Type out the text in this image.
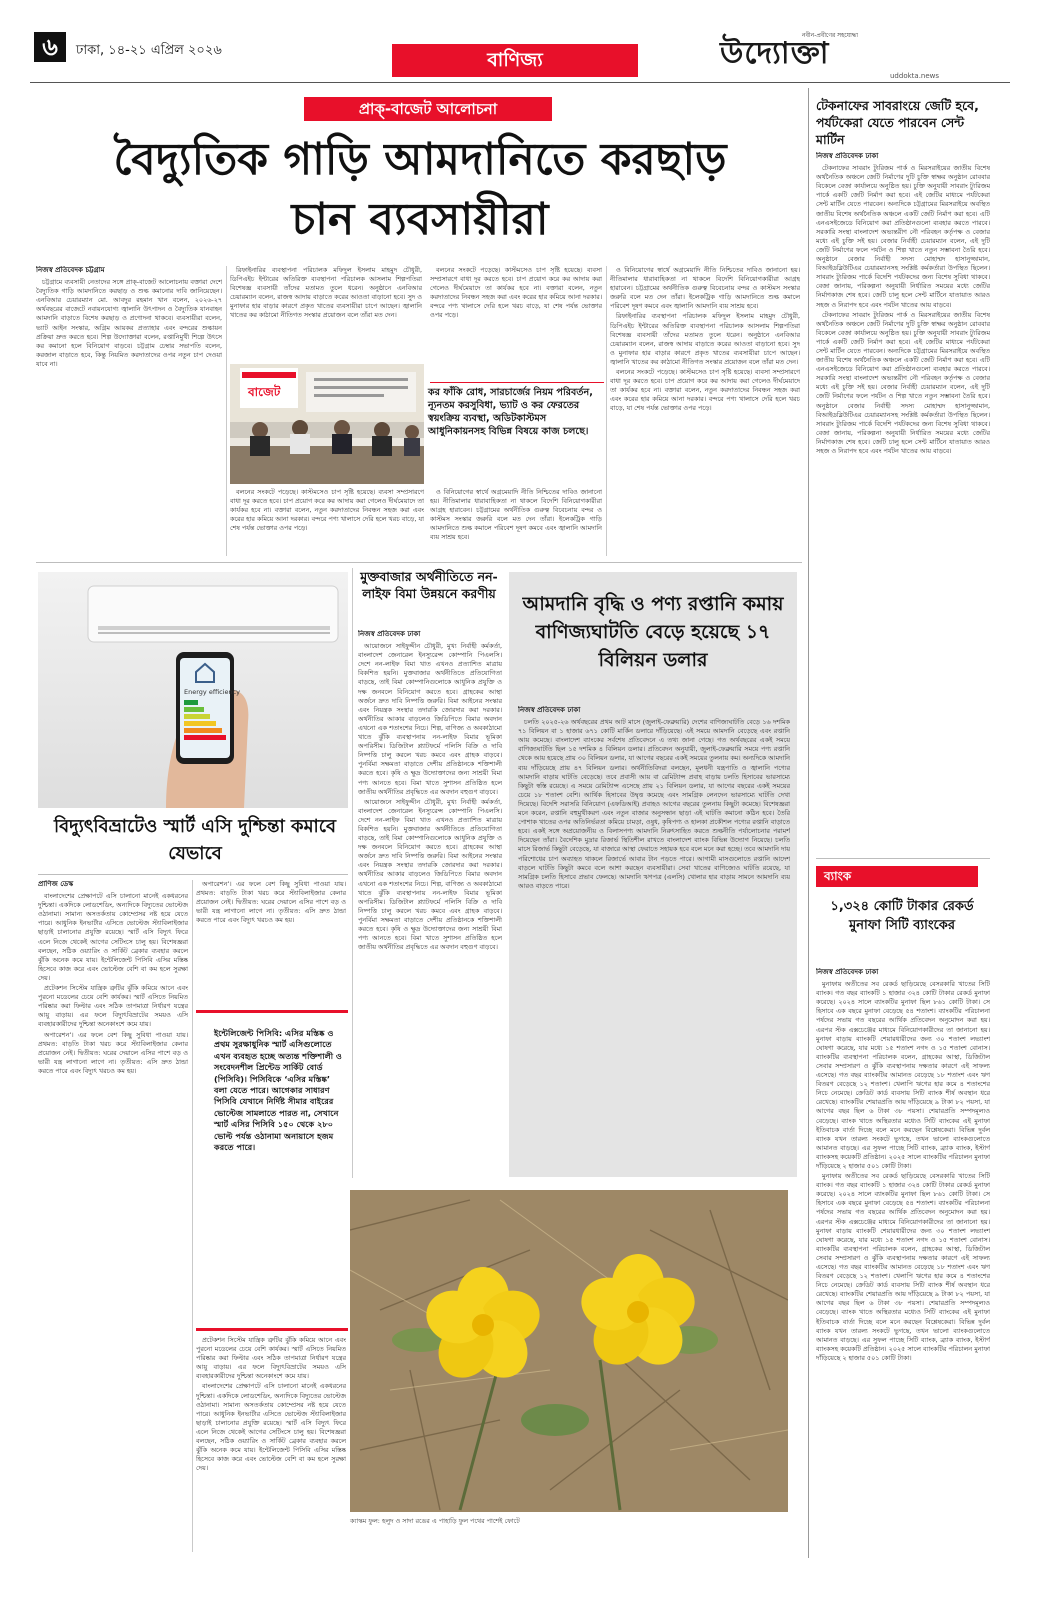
৬	ঢাকা, ১৪-২১ এপ্রিল ২০২৬	বাণিজ্য
নবীন-প্রবীণের সহযোদ্ধা
উদ্যোক্তা
uddokta.news
প্রাক্-বাজেট আলোচনা
বৈদ্যুতিক গাড়ি আমদানিতে করছাড়
চান ব্যবসায়ীরা
নিজস্ব প্রতিবেদক চট্টগ্রাম

চট্টগ্রামে ব্যবসায়ী নেতাদের সঙ্গে প্রাক্-বাজেট আলোচনায় বক্তারা দেশে বৈদ্যুতিক গাড়ি আমদানিতে করছাড় ও শুল্ক কমানোর দাবি জানিয়েছেন। এনবিআর চেয়ারম্যান মো. আবদুর রহমান খান বলেন, ২০২৬-২৭ অর্থবছরের বাজেটে নবায়নযোগ্য জ্বালানি উৎপাদন ও বৈদ্যুতিক যানবাহন আমদানি বাড়াতে বিশেষ করছাড় ও প্রণোদনা থাকবে। ব্যবসায়ীরা বলেন, ভ্যাট আইন সংস্কার, অগ্রিম আয়কর প্রত্যাহার এবং বন্দরের শুল্কায়ন প্রক্রিয়া দ্রুত করতে হবে। শিল্প উদ্যোক্তারা বলেন, রপ্তানিমুখী শিল্পে উৎসে কর কমানো হলে বিনিয়োগ বাড়বে। চট্টগ্রাম চেম্বার সভাপতি বলেন, করজাল বাড়াতে হবে, কিন্তু নিয়মিত করদাতাদের ওপর নতুন চাপ দেওয়া যাবে না।

রিফাইনারির ব্যবস্থাপনা পরিচালক মফিদুল ইসলাম মাহমুদ চৌধুরী, ডিপিএইচ ইন্টারের অতিরিক্ত ব্যবস্থাপনা পরিচালক আসলাম শিল্পপতিরা বিশেষজ্ঞ ব্যবসায়ী তাঁদের মতামত তুলে ধরেন। অনুষ্ঠানে এনবিআর চেয়ারম্যান বলেন, রাজস্ব আদায় বাড়াতে করের আওতা বাড়ানো হবে। সুদ ও মুনাফার হার বাড়ার কারণে প্রকৃত খাতের ব্যবসায়ীরা চাপে আছেন। জ্বালানি খাতের কর কাঠামো নীতিগত সংস্কার প্রয়োজন বলে তাঁরা মত দেন।

বলনের সংকটে পড়েছে। কাস্টমসেও চাপ সৃষ্টি হয়েছে। ব্যবসা সম্প্রসারণে বাধা দূর করতে হবে। চাপ প্রয়োগ করে কর আদায় করা গেলেও দীর্ঘমেয়াদে তা কার্যকর হবে না। বক্তারা বলেন, নতুন করদাতাদের নিবন্ধন সহজ করা এবং করের হার কমিয়ে আনা দরকার। বন্দরে পণ্য খালাসে দেরি হলে খরচ বাড়ে, যা শেষ পর্যন্ত ভোক্তার ওপর পড়ে।

ও বিনিয়োগের স্বার্থে অগ্রমেয়াদি নীতি নিশ্চিতের দাবিও জানানো হয়। নীতিমালার ধারাবাহিকতা না থাকলে বিদেশি বিনিয়োগকারীরা আগ্রহ হারাবেন। চট্টগ্রামের অর্থনীতিক গুরুত্ব বিবেচনায় বন্দর ও কাস্টমস সংস্কার জরুরি বলে মত দেন তাঁরা। ইলেকট্রিক গাড়ি আমদানিতে শুল্ক কমালে পরিবেশ দূষণ কমবে এবং জ্বালানি আমদানি ব্যয় সাশ্রয় হবে।

রিফাইনারির ব্যবস্থাপনা পরিচালক মফিদুল ইসলাম মাহমুদ চৌধুরী, ডিপিএইচ ইন্টারের অতিরিক্ত ব্যবস্থাপনা পরিচালক আসলাম শিল্পপতিরা বিশেষজ্ঞ ব্যবসায়ী তাঁদের মতামত তুলে ধরেন। অনুষ্ঠানে এনবিআর চেয়ারম্যান বলেন, রাজস্ব আদায় বাড়াতে করের আওতা বাড়ানো হবে। সুদ ও মুনাফার হার বাড়ার কারণে প্রকৃত খাতের ব্যবসায়ীরা চাপে আছেন। জ্বালানি খাতের কর কাঠামো নীতিগত সংস্কার প্রয়োজন বলে তাঁরা মত দেন।

বলনের সংকটে পড়েছে। কাস্টমসেও চাপ সৃষ্টি হয়েছে। ব্যবসা সম্প্রসারণে বাধা দূর করতে হবে। চাপ প্রয়োগ করে কর আদায় করা গেলেও দীর্ঘমেয়াদে তা কার্যকর হবে না। বক্তারা বলেন, নতুন করদাতাদের নিবন্ধন সহজ করা এবং করের হার কমিয়ে আনা দরকার। বন্দরে পণ্য খালাসে দেরি হলে খরচ বাড়ে, যা শেষ পর্যন্ত ভোক্তার ওপর পড়ে।

বাজেট	কর ফাঁকি রোধ, সারচার্জের নিয়ম পরিবর্তন, ন্যূনতম করসুবিধা, ভ্যাট ও কর ফেরতের স্বয়ংক্রিয় ব্যবস্থা, অডিটকাস্টমস আধুনিকায়নসহ বিভিন্ন বিষয়ে কাজ চলছে।

বলনের সংকটে পড়েছে। কাস্টমসেও চাপ সৃষ্টি হয়েছে। ব্যবসা সম্প্রসারণে বাধা দূর করতে হবে। চাপ প্রয়োগ করে কর আদায় করা গেলেও দীর্ঘমেয়াদে তা কার্যকর হবে না। বক্তারা বলেন, নতুন করদাতাদের নিবন্ধন সহজ করা এবং করের হার কমিয়ে আনা দরকার। বন্দরে পণ্য খালাসে দেরি হলে খরচ বাড়ে, যা শেষ পর্যন্ত ভোক্তার ওপর পড়ে।

ও বিনিয়োগের স্বার্থে অগ্রমেয়াদি নীতি নিশ্চিতের দাবিও জানানো হয়। নীতিমালার ধারাবাহিকতা না থাকলে বিদেশি বিনিয়োগকারীরা আগ্রহ হারাবেন। চট্টগ্রামের অর্থনীতিক গুরুত্ব বিবেচনায় বন্দর ও কাস্টমস সংস্কার জরুরি বলে মত দেন তাঁরা। ইলেকট্রিক গাড়ি আমদানিতে শুল্ক কমালে পরিবেশ দূষণ কমবে এবং জ্বালানি আমদানি ব্যয় সাশ্রয় হবে।

Energy efficiency
বিদ্যুৎবিভ্রাটেও স্মার্ট এসি দুশ্চিন্তা কমাবে যেভাবে
প্রাণিজ ডেস্ক

বাংলাদেশের প্রেক্ষাপটে এসি চালানো মানেই একধরনের দুশ্চিন্তা। একদিকে লোডশেডিং, অন্যদিকে বিদ্যুতের ভোল্টেজ ওঠানামা। সামান্য অসতর্কতায় কোম্প্রেসর নষ্ট হয়ে যেতে পারে। আধুনিক ইনভার্টার এসিতে ভোল্টেজ স্ট্যাবিলাইজার ছাড়াই চালানোর প্রযুক্তি রয়েছে। স্মার্ট এসি বিদ্যুৎ ফিরে এলে নিজে থেকেই আগের সেটিংসে চালু হয়। বিশেষজ্ঞরা বলছেন, সঠিক ওয়্যারিং ও সার্কিট ব্রেকার ব্যবহার করলে ঝুঁকি অনেক কমে যায়। ইন্টেলিজেন্ট পিসিবি এসির মস্তিষ্ক হিসেবে কাজ করে এবং ভোল্টেজ বেশি বা কম হলে সুরক্ষা দেয়।

প্রটেকশন সিস্টেম যান্ত্রিক ত্রুটির ঝুঁকি কমিয়ে আনে এবং পুরনো মডেলের চেয়ে বেশি কার্যকর। স্মার্ট এসিতে নিয়মিত পরিষ্কার করা ফিল্টার এবং সঠিক তাপমাত্রা নির্ধারণ যন্ত্রের আয়ু বাড়ায়। এর ফলে বিদ্যুৎবিভ্রাটের সময়ও এসি ব্যবহারকারীদের দুশ্চিন্তা অনেকাংশে কমে যায়।

অপারেশন’। এর ফলে বেশ কিছু সুবিধা পাওয়া যায়। প্রথমত: বাড়তি টাকা খরচ করে স্ট্যাবিলাইজার কেনার প্রয়োজন নেই। দ্বিতীয়ত: ঘরের দেয়ালে এসির পাশে বড় ও ভারী যন্ত্র লাগানো লাগে না। তৃতীয়ত: এসি দ্রুত ঠান্ডা করতে পারে এবং বিদ্যুৎ খরচও কম হয়।

অপারেশন’। এর ফলে বেশ কিছু সুবিধা পাওয়া যায়। প্রথমত: বাড়তি টাকা খরচ করে স্ট্যাবিলাইজার কেনার প্রয়োজন নেই। দ্বিতীয়ত: ঘরের দেয়ালে এসির পাশে বড় ও ভারী যন্ত্র লাগানো লাগে না। তৃতীয়ত: এসি দ্রুত ঠান্ডা করতে পারে এবং বিদ্যুৎ খরচও কম হয়।

ইন্টেলিজেন্ট পিসিবি: এসির মস্তিষ্ক ও প্রথম সুরক্ষাধুনিক স্মার্ট এসিগুলোতে এখন ব্যবহৃত হচ্ছে অত্যন্ত শক্তিশালী ও সংবেদনশীল প্রিন্টেড সার্কিট বোর্ড (পিসিবি)। পিসিবিকে ‘এসির মস্তিষ্ক’ বলা যেতে পারে। আগেকার সাধারণ পিসিবি যেখানে নির্দিষ্ট সীমার বাইরের ভোল্টেজ সামলাতে পারত না, সেখানে স্মার্ট এসির পিসিবি ১৫০ থেকে ২৮০ ভোল্ট পর্যন্ত ওঠানামা অনায়াসে হজম করতে পারে।

প্রটেকশন সিস্টেম যান্ত্রিক ত্রুটির ঝুঁকি কমিয়ে আনে এবং পুরনো মডেলের চেয়ে বেশি কার্যকর। স্মার্ট এসিতে নিয়মিত পরিষ্কার করা ফিল্টার এবং সঠিক তাপমাত্রা নির্ধারণ যন্ত্রের আয়ু বাড়ায়। এর ফলে বিদ্যুৎবিভ্রাটের সময়ও এসি ব্যবহারকারীদের দুশ্চিন্তা অনেকাংশে কমে যায়।

বাংলাদেশের প্রেক্ষাপটে এসি চালানো মানেই একধরনের দুশ্চিন্তা। একদিকে লোডশেডিং, অন্যদিকে বিদ্যুতের ভোল্টেজ ওঠানামা। সামান্য অসতর্কতায় কোম্প্রেসর নষ্ট হয়ে যেতে পারে। আধুনিক ইনভার্টার এসিতে ভোল্টেজ স্ট্যাবিলাইজার ছাড়াই চালানোর প্রযুক্তি রয়েছে। স্মার্ট এসি বিদ্যুৎ ফিরে এলে নিজে থেকেই আগের সেটিংসে চালু হয়। বিশেষজ্ঞরা বলছেন, সঠিক ওয়্যারিং ও সার্কিট ব্রেকার ব্যবহার করলে ঝুঁকি অনেক কমে যায়। ইন্টেলিজেন্ট পিসিবি এসির মস্তিষ্ক হিসেবে কাজ করে এবং ভোল্টেজ বেশি বা কম হলে সুরক্ষা দেয়।

মুক্তবাজার অর্থনীতিতে নন-লাইফ বিমা উন্নয়নে করণীয়
নিজস্ব প্রতিবেদক ঢাকা

আয়োজনে সাইফুদ্দীন চৌধুরী, মুখ্য নির্বাহী কর্মকর্তা, বাংলাদেশ জেনারেল ইনস্যুরেন্স কোম্পানি পিএলসি। দেশে নন-লাইফ বিমা খাত এখনও প্রত্যাশিত মাত্রায় বিকশিত হয়নি। মুক্তবাজার অর্থনীতিতে প্রতিযোগিতা বাড়ছে, তাই বিমা কোম্পানিগুলোকে আধুনিক প্রযুক্তি ও দক্ষ জনবলে বিনিয়োগ করতে হবে। গ্রাহকের আস্থা অর্জনে দ্রুত দাবি নিষ্পত্তি জরুরি। বিমা আইনের সংস্কার এবং নিয়ন্ত্রক সংস্থার তদারকি জোরদার করা দরকার। অর্থনীতির আকার বাড়লেও জিডিপিতে বিমার অবদান এখনো এক শতাংশের নিচে। শিল্প, বাণিজ্য ও অবকাঠামো খাতে ঝুঁকি ব্যবস্থাপনায় নন-লাইফ বিমার ভূমিকা অপরিসীম। ডিজিটাল প্ল্যাটফর্মে পলিসি বিক্রি ও দাবি নিষ্পত্তি চালু করলে খরচ কমবে এবং গ্রাহক বাড়বে। পুনর্বিমা সক্ষমতা বাড়াতে দেশীয় প্রতিষ্ঠানকে শক্তিশালী করতে হবে। কৃষি ও ক্ষুদ্র উদ্যোক্তাদের জন্য সাশ্রয়ী বিমা পণ্য আনতে হবে। বিমা খাতে সুশাসন প্রতিষ্ঠিত হলে জাতীয় অর্থনীতির প্রবৃদ্ধিতে এর অবদান বহুগুণ বাড়বে।

আয়োজনে সাইফুদ্দীন চৌধুরী, মুখ্য নির্বাহী কর্মকর্তা, বাংলাদেশ জেনারেল ইনস্যুরেন্স কোম্পানি পিএলসি। দেশে নন-লাইফ বিমা খাত এখনও প্রত্যাশিত মাত্রায় বিকশিত হয়নি। মুক্তবাজার অর্থনীতিতে প্রতিযোগিতা বাড়ছে, তাই বিমা কোম্পানিগুলোকে আধুনিক প্রযুক্তি ও দক্ষ জনবলে বিনিয়োগ করতে হবে। গ্রাহকের আস্থা অর্জনে দ্রুত দাবি নিষ্পত্তি জরুরি। বিমা আইনের সংস্কার এবং নিয়ন্ত্রক সংস্থার তদারকি জোরদার করা দরকার। অর্থনীতির আকার বাড়লেও জিডিপিতে বিমার অবদান এখনো এক শতাংশের নিচে। শিল্প, বাণিজ্য ও অবকাঠামো খাতে ঝুঁকি ব্যবস্থাপনায় নন-লাইফ বিমার ভূমিকা অপরিসীম। ডিজিটাল প্ল্যাটফর্মে পলিসি বিক্রি ও দাবি নিষ্পত্তি চালু করলে খরচ কমবে এবং গ্রাহক বাড়বে। পুনর্বিমা সক্ষমতা বাড়াতে দেশীয় প্রতিষ্ঠানকে শক্তিশালী করতে হবে। কৃষি ও ক্ষুদ্র উদ্যোক্তাদের জন্য সাশ্রয়ী বিমা পণ্য আনতে হবে। বিমা খাতে সুশাসন প্রতিষ্ঠিত হলে জাতীয় অর্থনীতির প্রবৃদ্ধিতে এর অবদান বহুগুণ বাড়বে।

আমদানি বৃদ্ধি ও পণ্য রপ্তানি কমায় বাণিজ্যঘাটতি বেড়ে হয়েছে ১৭ বিলিয়ন ডলার
নিজস্ব প্রতিবেদক ঢাকা

চলতি ২০২৫-২৬ অর্থবছরের প্রথম আট মাসে (জুলাই-ফেব্রুয়ারি) দেশের বাণিজ্যঘাটতি বেড়ে ১৬ দশমিক ৭১ বিলিয়ন বা ১ হাজার ৬৭১ কোটি মার্কিন ডলারে দাঁড়িয়েছে। এই সময়ে আমদানি বেড়েছে এবং রপ্তানি আয় কমেছে। বাংলাদেশ ব্যাংকের সর্বশেষ প্রতিবেদনে এ তথ্য জানা গেছে। গত অর্থবছরের একই সময়ে বাণিজ্যঘাটতি ছিল ১৫ দশমিক ৪ বিলিয়ন ডলার। প্রতিবেদন অনুযায়ী, জুলাই-ফেব্রুয়ারি সময়ে পণ্য রপ্তানি থেকে আয় হয়েছে প্রায় ৩০ বিলিয়ন ডলার, যা আগের বছরের একই সময়ের তুলনায় কম। অন্যদিকে আমদানি ব্যয় দাঁড়িয়েছে প্রায় ৪৭ বিলিয়ন ডলার। অর্থনীতিবিদরা বলছেন, মূলধনী যন্ত্রপাতি ও জ্বালানি পণ্যের আমদানি বাড়ায় ঘাটতি বেড়েছে। তবে প্রবাসী আয় বা রেমিট্যান্স প্রবাহ বাড়ায় চলতি হিসাবের ভারসাম্যে কিছুটা স্বস্তি রয়েছে। এ সময়ে রেমিট্যান্স এসেছে প্রায় ২১ বিলিয়ন ডলার, যা আগের বছরের একই সময়ের চেয়ে ১৮ শতাংশ বেশি। আর্থিক হিসাবের উদ্বৃত্ত কমেছে এবং সামগ্রিক লেনদেন ভারসাম্যে ঘাটতি দেখা দিয়েছে। বিদেশি সরাসরি বিনিয়োগ (এফডিআই) প্রবাহও আগের বছরের তুলনায় কিছুটা কমেছে। বিশেষজ্ঞরা মনে করেন, রপ্তানি বহুমুখীকরণ এবং নতুন বাজার অনুসন্ধান ছাড়া এই ঘাটতি কমানো কঠিন হবে। তৈরি পোশাক খাতের ওপর অতিনির্ভরতা কমিয়ে চামড়া, ওষুধ, কৃষিপণ্য ও হালকা প্রকৌশল পণ্যের রপ্তানি বাড়াতে হবে। একই সঙ্গে অপ্রয়োজনীয় ও বিলাসপণ্য আমদানি নিরুৎসাহিত করতে শুল্কনীতি পর্যালোচনার পরামর্শ দিয়েছেন তাঁরা। বৈদেশিক মুদ্রার রিজার্ভ স্থিতিশীল রাখতে বাংলাদেশ ব্যাংক বিভিন্ন উদ্যোগ নিয়েছে। চলতি মাসে রিজার্ভ কিছুটা বেড়েছে, যা বাজারে আস্থা ফেরাতে সহায়ক হবে বলে মনে করা হচ্ছে। তবে আমদানি দায় পরিশোধের চাপ অব্যাহত থাকলে রিজার্ভে আবার টান পড়তে পারে। আগামী মাসগুলোতে রপ্তানি আদেশ বাড়লে ঘাটতি কিছুটা কমবে বলে আশা করছেন ব্যবসায়ীরা। সেবা খাতের বাণিজ্যেও ঘাটতি রয়েছে, যা সামগ্রিক চলতি হিসাবে প্রভাব ফেলছে। আমদানি ঋণপত্র (এলসি) খোলার হার বাড়ায় সামনে আমদানি ব্যয় আরও বাড়তে পারে।

ক্যাস্কম ফুল: হলুদ ও সাদা রঙের এ পাহাড়ি ফুল পথের পাশেই ফোটে
টেকনাফের সাবরাংয়ে জেটি হবে, পর্যটকেরা যেতে পারবেন সেন্ট মার্টিন
নিজস্ব প্রতিবেদক ঢাকা

টেকনাফের সাবরাং ট্যুরিজম পার্ক ও মিরসরাইয়ের জাতীয় বিশেষ অর্থনৈতিক অঞ্চলে জেটি নির্মাণের দুটি চুক্তি স্বাক্ষর অনুষ্ঠান রোববার বিকেলে বেজা কার্যালয়ে অনুষ্ঠিত হয়। চুক্তি অনুযায়ী সাবরাং ট্যুরিজম পার্কে একটি জেটি নির্মাণ করা হবে। এই জেটির মাধ্যমে পর্যটকেরা সেন্ট মার্টিন যেতে পারবেন। অন্যদিকে চট্টগ্রামের মিরসরাইয়ে অবস্থিত জাতীয় বিশেষ অর্থনৈতিক অঞ্চলে একটি জেটি নির্মাণ করা হবে। এটি এনএসইজেডে বিনিয়োগ করা প্রতিষ্ঠানগুলো ব্যবহার করতে পারবে। সরকারি সংস্থা বাংলাদেশ অভ্যন্তরীণ নৌ পরিবহন কর্তৃপক্ষ ও বেজার মধ্যে এই চুক্তি সই হয়। বেজার নির্বাহী চেয়ারম্যান বলেন, এই দুটি জেটি নির্মাণের ফলে পর্যটন ও শিল্প খাতে নতুন সম্ভাবনা তৈরি হবে। অনুষ্ঠানে বেজার নির্বাহী সদস্য মোহাম্মদ হাসানুজ্জামান, বিআইডব্লিউটিএর চেয়ারম্যানসহ সংশ্লিষ্ট কর্মকর্তারা উপস্থিত ছিলেন। সাবরাং ট্যুরিজম পার্কে বিদেশি পর্যটকদের জন্য বিশেষ সুবিধা থাকবে। বেজা জানায়, পরিকল্পনা অনুযায়ী নির্ধারিত সময়ের মধ্যে জেটির নির্মাণকাজ শেষ হবে। জেটি চালু হলে সেন্ট মার্টিনে যাতায়াত আরও সহজ ও নিরাপদ হবে এবং পর্যটন খাতের আয় বাড়বে।

টেকনাফের সাবরাং ট্যুরিজম পার্ক ও মিরসরাইয়ের জাতীয় বিশেষ অর্থনৈতিক অঞ্চলে জেটি নির্মাণের দুটি চুক্তি স্বাক্ষর অনুষ্ঠান রোববার বিকেলে বেজা কার্যালয়ে অনুষ্ঠিত হয়। চুক্তি অনুযায়ী সাবরাং ট্যুরিজম পার্কে একটি জেটি নির্মাণ করা হবে। এই জেটির মাধ্যমে পর্যটকেরা সেন্ট মার্টিন যেতে পারবেন। অন্যদিকে চট্টগ্রামের মিরসরাইয়ে অবস্থিত জাতীয় বিশেষ অর্থনৈতিক অঞ্চলে একটি জেটি নির্মাণ করা হবে। এটি এনএসইজেডে বিনিয়োগ করা প্রতিষ্ঠানগুলো ব্যবহার করতে পারবে। সরকারি সংস্থা বাংলাদেশ অভ্যন্তরীণ নৌ পরিবহন কর্তৃপক্ষ ও বেজার মধ্যে এই চুক্তি সই হয়। বেজার নির্বাহী চেয়ারম্যান বলেন, এই দুটি জেটি নির্মাণের ফলে পর্যটন ও শিল্প খাতে নতুন সম্ভাবনা তৈরি হবে। অনুষ্ঠানে বেজার নির্বাহী সদস্য মোহাম্মদ হাসানুজ্জামান, বিআইডব্লিউটিএর চেয়ারম্যানসহ সংশ্লিষ্ট কর্মকর্তারা উপস্থিত ছিলেন। সাবরাং ট্যুরিজম পার্কে বিদেশি পর্যটকদের জন্য বিশেষ সুবিধা থাকবে। বেজা জানায়, পরিকল্পনা অনুযায়ী নির্ধারিত সময়ের মধ্যে জেটির নির্মাণকাজ শেষ হবে। জেটি চালু হলে সেন্ট মার্টিনে যাতায়াত আরও সহজ ও নিরাপদ হবে এবং পর্যটন খাতের আয় বাড়বে।

ব্যাংক
১,৩২৪ কোটি টাকার রেকর্ড মুনাফা সিটি ব্যাংকের
নিজস্ব প্রতিবেদক ঢাকা

মুনাফায় অতীতের সব রেকর্ড ছাড়িয়েছে বেসরকারি খাতের সিটি ব্যাংক। গত বছর ব্যাংকটি ১ হাজার ৩২৪ কোটি টাকার রেকর্ড মুনাফা করেছে। ২০২৪ সালে ব্যাংকটির মুনাফা ছিল ৮৬১ কোটি টাকা। সে হিসাবে এক বছরে মুনাফা বেড়েছে ৫৪ শতাংশ। ব্যাংকটির পরিচালনা পর্ষদের সভায় গত বছরের আর্থিক প্রতিবেদন অনুমোদন করা হয়। এরপর স্টক এক্সচেঞ্জের মাধ্যমে বিনিয়োগকারীদের তা জানানো হয়। মুনাফা বাড়ায় ব্যাংকটি শেয়ারধারীদের জন্য ৩০ শতাংশ লভ্যাংশ ঘোষণা করেছে, যার মধ্যে ১৫ শতাংশ নগদ ও ১৫ শতাংশ বোনাস। ব্যাংকটির ব্যবস্থাপনা পরিচালক বলেন, গ্রাহকের আস্থা, ডিজিটাল সেবার সম্প্রসারণ ও ঝুঁকি ব্যবস্থাপনায় দক্ষতার কারণে এই সাফল্য এসেছে। গত বছর ব্যাংকটির আমানত বেড়েছে ১৮ শতাংশ এবং ঋণ বিতরণ বেড়েছে ১২ শতাংশ। খেলাপি ঋণের হার কমে ৪ শতাংশের নিচে নেমেছে। ক্রেডিট কার্ড ব্যবসায় সিটি ব্যাংক শীর্ষ অবস্থান ধরে রেখেছে। ব্যাংকটির শেয়ারপ্রতি আয় দাঁড়িয়েছে ৯ টাকা ৮২ পয়সা, যা আগের বছর ছিল ৬ টাকা ৩৮ পয়সা। শেয়ারপ্রতি সম্পদমূল্যও বেড়েছে। ব্যাংক খাতে অস্থিরতার মধ্যেও সিটি ব্যাংকের এই মুনাফা ইতিবাচক বার্তা দিচ্ছে বলে মনে করছেন বিশ্লেষকেরা। বিভিন্ন দুর্বল ব্যাংক যখন তারল্য সংকটে ভুগছে, তখন ভালো ব্যাংকগুলোতে আমানত বাড়ছে। এর সুফল পাচ্ছে সিটি ব্যাংক, ব্র্যাক ব্যাংক, ইস্টার্ণ ব্যাংকসহ কয়েকটি প্রতিষ্ঠান। ২০২৫ সালে ব্যাংকটির পরিচালন মুনাফা দাঁড়িয়েছে ২ হাজার ৫০১ কোটি টাকা।

মুনাফায় অতীতের সব রেকর্ড ছাড়িয়েছে বেসরকারি খাতের সিটি ব্যাংক। গত বছর ব্যাংকটি ১ হাজার ৩২৪ কোটি টাকার রেকর্ড মুনাফা করেছে। ২০২৪ সালে ব্যাংকটির মুনাফা ছিল ৮৬১ কোটি টাকা। সে হিসাবে এক বছরে মুনাফা বেড়েছে ৫৪ শতাংশ। ব্যাংকটির পরিচালনা পর্ষদের সভায় গত বছরের আর্থিক প্রতিবেদন অনুমোদন করা হয়। এরপর স্টক এক্সচেঞ্জের মাধ্যমে বিনিয়োগকারীদের তা জানানো হয়। মুনাফা বাড়ায় ব্যাংকটি শেয়ারধারীদের জন্য ৩০ শতাংশ লভ্যাংশ ঘোষণা করেছে, যার মধ্যে ১৫ শতাংশ নগদ ও ১৫ শতাংশ বোনাস। ব্যাংকটির ব্যবস্থাপনা পরিচালক বলেন, গ্রাহকের আস্থা, ডিজিটাল সেবার সম্প্রসারণ ও ঝুঁকি ব্যবস্থাপনায় দক্ষতার কারণে এই সাফল্য এসেছে। গত বছর ব্যাংকটির আমানত বেড়েছে ১৮ শতাংশ এবং ঋণ বিতরণ বেড়েছে ১২ শতাংশ। খেলাপি ঋণের হার কমে ৪ শতাংশের নিচে নেমেছে। ক্রেডিট কার্ড ব্যবসায় সিটি ব্যাংক শীর্ষ অবস্থান ধরে রেখেছে। ব্যাংকটির শেয়ারপ্রতি আয় দাঁড়িয়েছে ৯ টাকা ৮২ পয়সা, যা আগের বছর ছিল ৬ টাকা ৩৮ পয়সা। শেয়ারপ্রতি সম্পদমূল্যও বেড়েছে। ব্যাংক খাতে অস্থিরতার মধ্যেও সিটি ব্যাংকের এই মুনাফা ইতিবাচক বার্তা দিচ্ছে বলে মনে করছেন বিশ্লেষকেরা। বিভিন্ন দুর্বল ব্যাংক যখন তারল্য সংকটে ভুগছে, তখন ভালো ব্যাংকগুলোতে আমানত বাড়ছে। এর সুফল পাচ্ছে সিটি ব্যাংক, ব্র্যাক ব্যাংক, ইস্টার্ণ ব্যাংকসহ কয়েকটি প্রতিষ্ঠান। ২০২৫ সালে ব্যাংকটির পরিচালন মুনাফা দাঁড়িয়েছে ২ হাজার ৫০১ কোটি টাকা।
